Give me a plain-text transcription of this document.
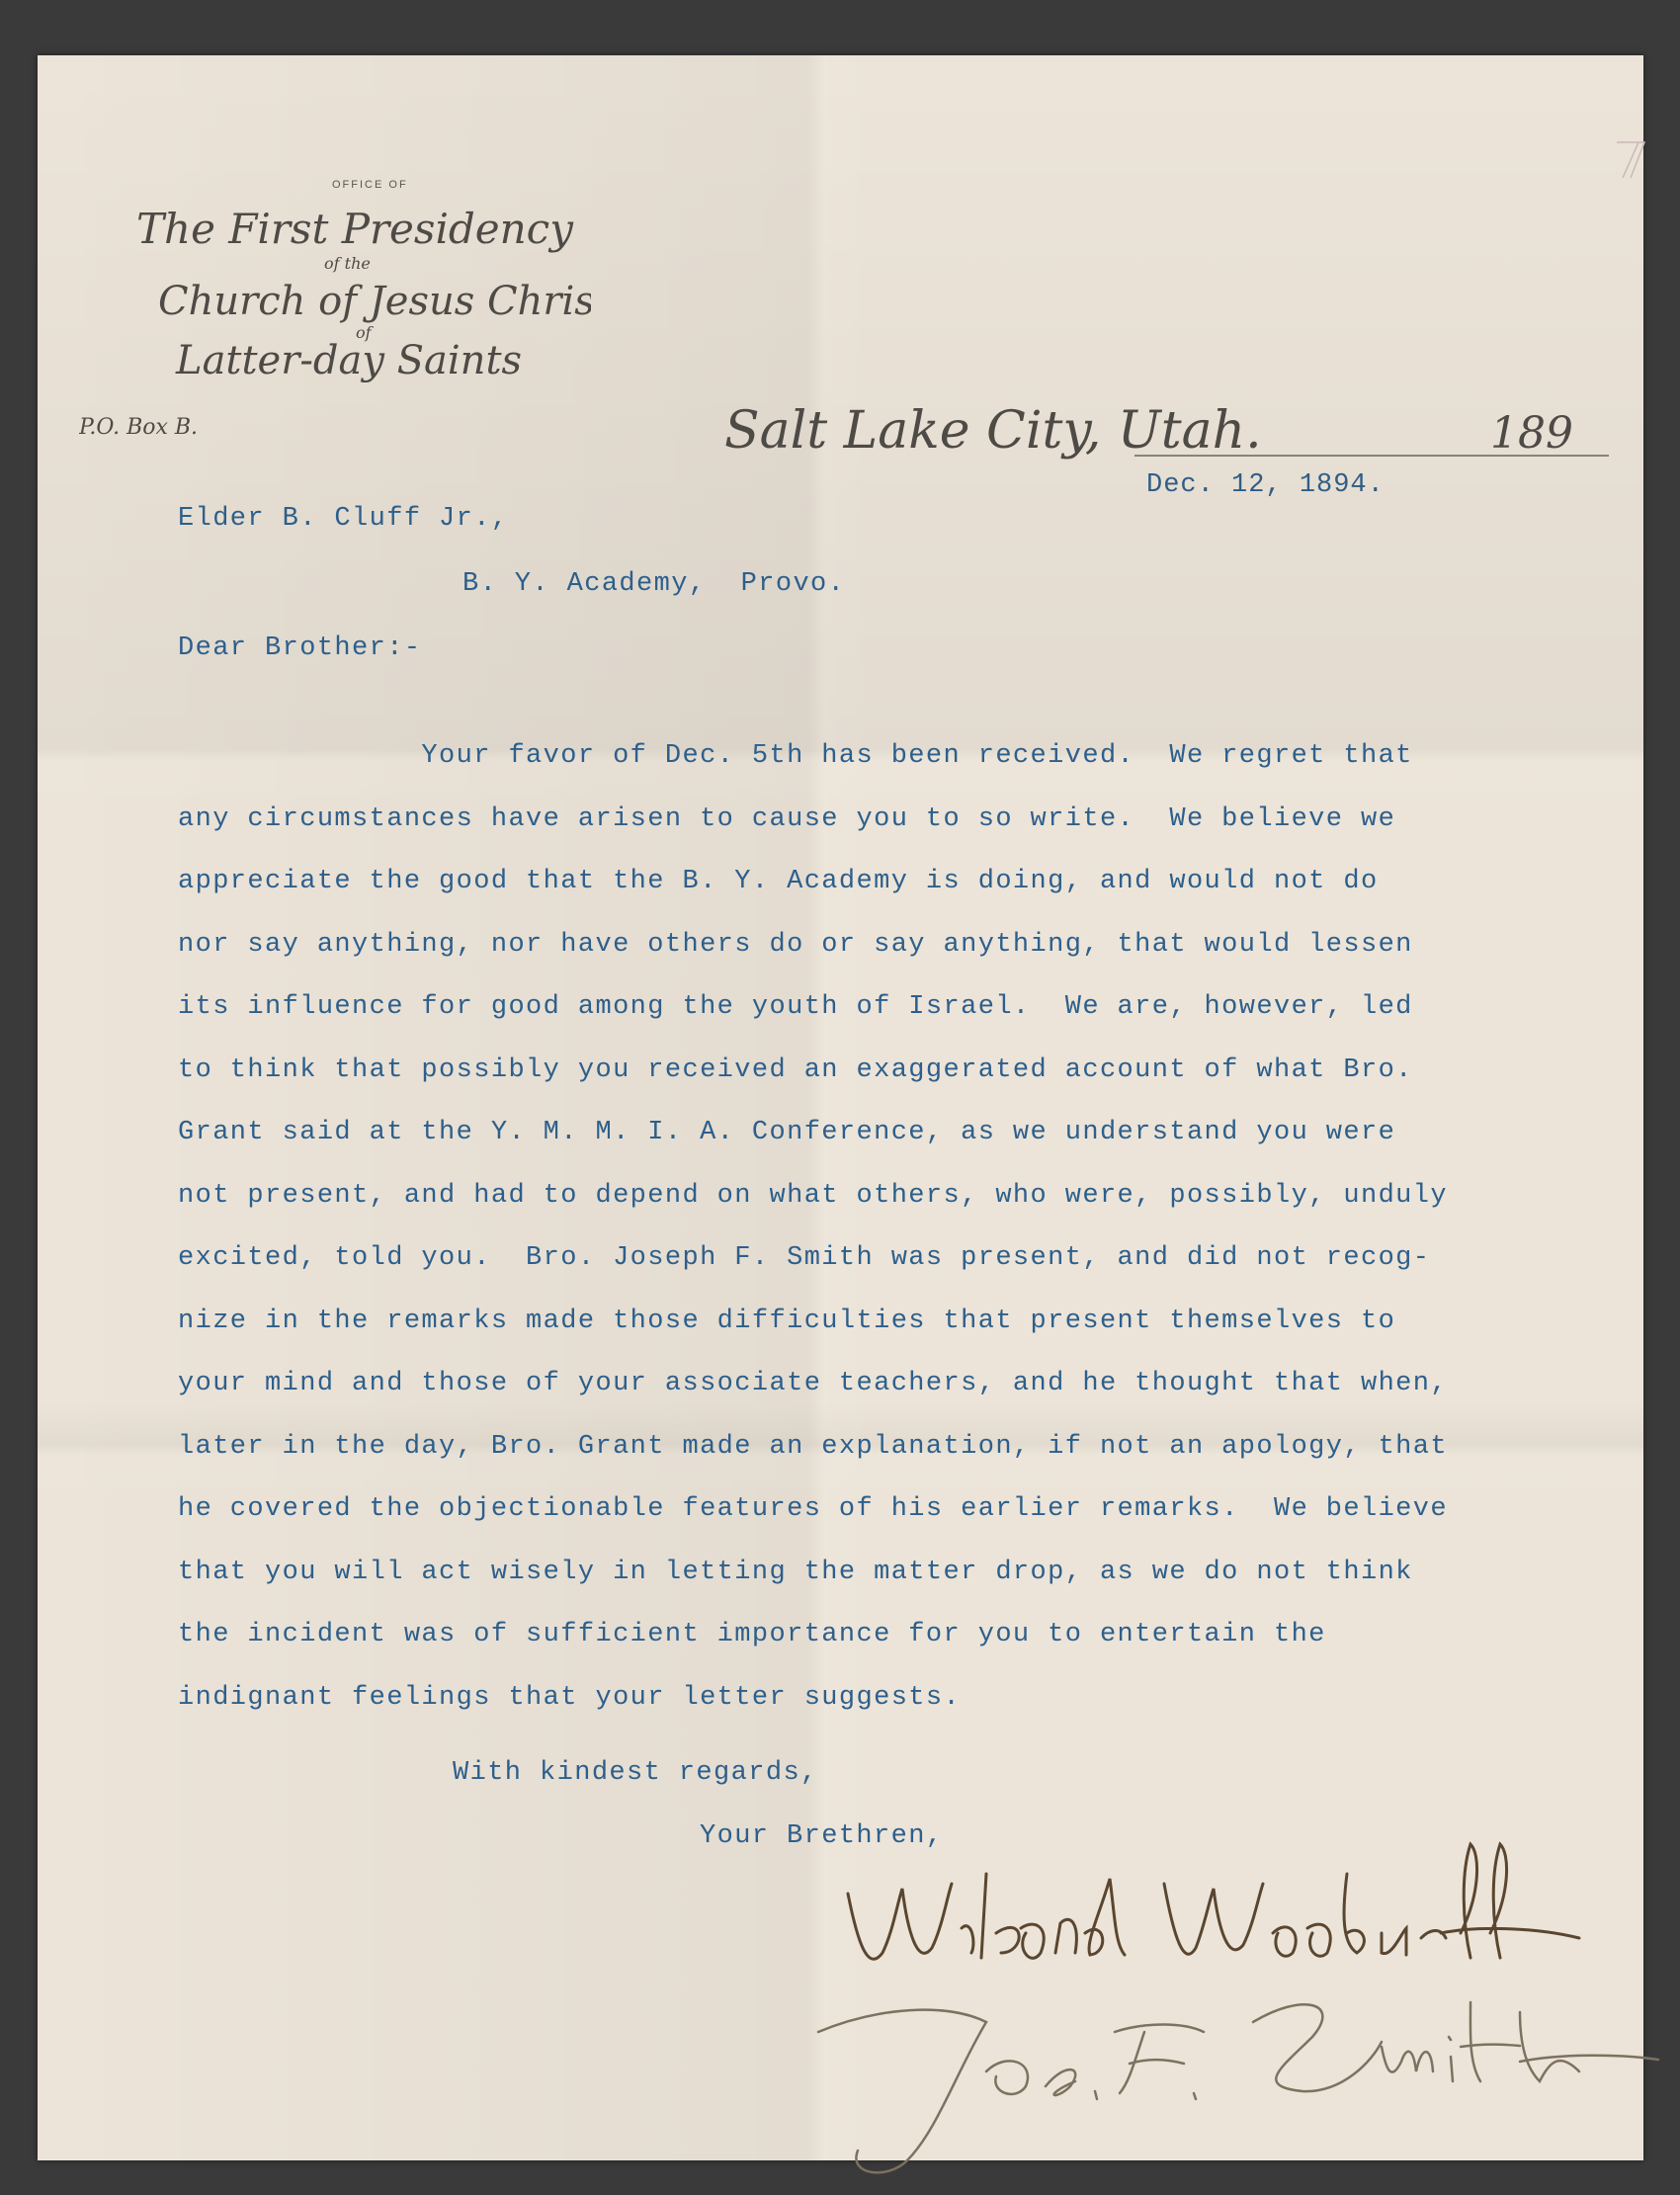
OFFICE OF
The First Presidency
of the
Church of Jesus Christ
of
Latter-day Saints
P.O. Box B.	Salt Lake City, Utah.	189
Dec. 12, 1894.
Elder B. Cluff Jr.,
B. Y. Academy,  Provo.
Dear Brother:-
Your favor of Dec. 5th has been received.  We regret that
any circumstances have arisen to cause you to so write.  We believe we
appreciate the good that the B. Y. Academy is doing, and would not do
nor say anything, nor have others do or say anything, that would lessen
its influence for good among the youth of Israel.  We are, however, led
to think that possibly you received an exaggerated account of what Bro.
Grant said at the Y. M. M. I. A. Conference, as we understand you were
not present, and had to depend on what others, who were, possibly, unduly
excited, told you.  Bro. Joseph F. Smith was present, and did not recog-
nize in the remarks made those difficulties that present themselves to
your mind and those of your associate teachers, and he thought that when,
later in the day, Bro. Grant made an explanation, if not an apology, that
he covered the objectionable features of his earlier remarks.  We believe
that you will act wisely in letting the matter drop, as we do not think
the incident was of sufficient importance for you to entertain the
indignant feelings that your letter suggests.
With kindest regards,
Your Brethren,
